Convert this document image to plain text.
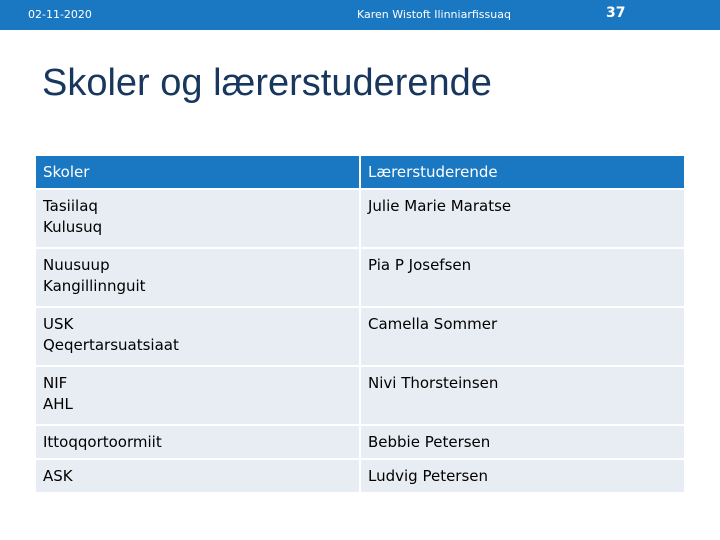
02-11-2020	Karen Wistoft Ilinniarfissuaq	37
Skoler og lærerstuderende
Skoler	Lærerstuderende

Tasiilaq
Kulusuq	Julie Marie Maratse

Nuusuup
Kangillinnguit	Pia P Josefsen

USK
Qeqertarsuatsiaat	Camella Sommer

NIF
AHL	Nivi Thorsteinsen

Ittoqqortoormiit	Bebbie Petersen

ASK	Ludvig Petersen
